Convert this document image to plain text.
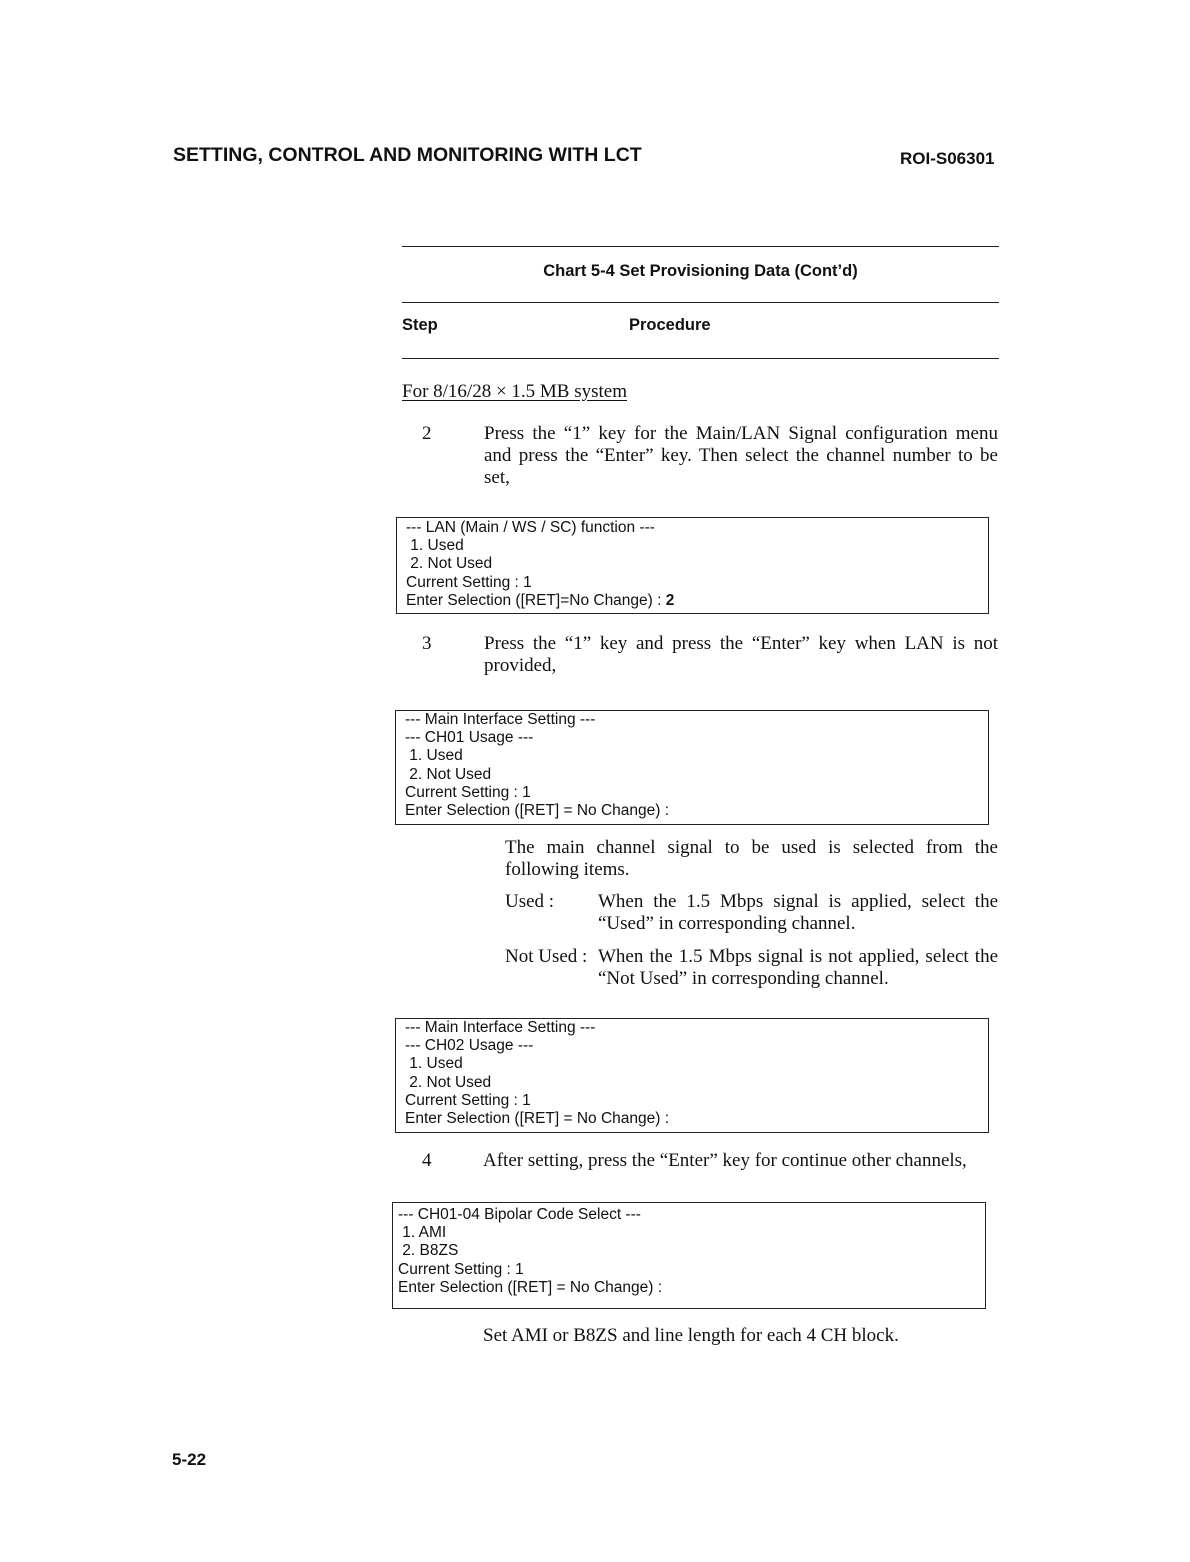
SETTING, CONTROL AND MONITORING WITH LCT	ROI-S06301
Chart 5-4 Set Provisioning Data (Cont’d)
Step	Procedure
For 8/16/28 × 1.5 MB system
2	Press the “1” key for the Main/LAN Signal configuration menu and press the “Enter” key. Then select the channel number to be set,
--- LAN (Main / WS / SC) function ---
1. Used
2. Not Used
Current Setting : 1
Enter Selection ([RET]=No Change) : 2
3	Press the “1” key and press the “Enter” key when LAN is not provided,
--- Main Interface Setting ---
--- CH01 Usage ---
1. Used
2. Not Used
Current Setting : 1
Enter Selection ([RET] = No Change) :
The main channel signal to be used is selected from the following items.
Used : When the 1.5 Mbps signal is applied, select the “Used” in corresponding channel.
Not Used : When the 1.5 Mbps signal is not applied, select the “Not Used” in corresponding channel.
--- Main Interface Setting ---
--- CH02 Usage ---
1. Used
2. Not Used
Current Setting : 1
Enter Selection ([RET] = No Change) :
4	After setting, press the “Enter” key for continue other channels,
--- CH01-04 Bipolar Code Select ---
1. AMI
2. B8ZS
Current Setting : 1
Enter Selection ([RET] = No Change) :
Set AMI or B8ZS and line length for each 4 CH block.
5-22
